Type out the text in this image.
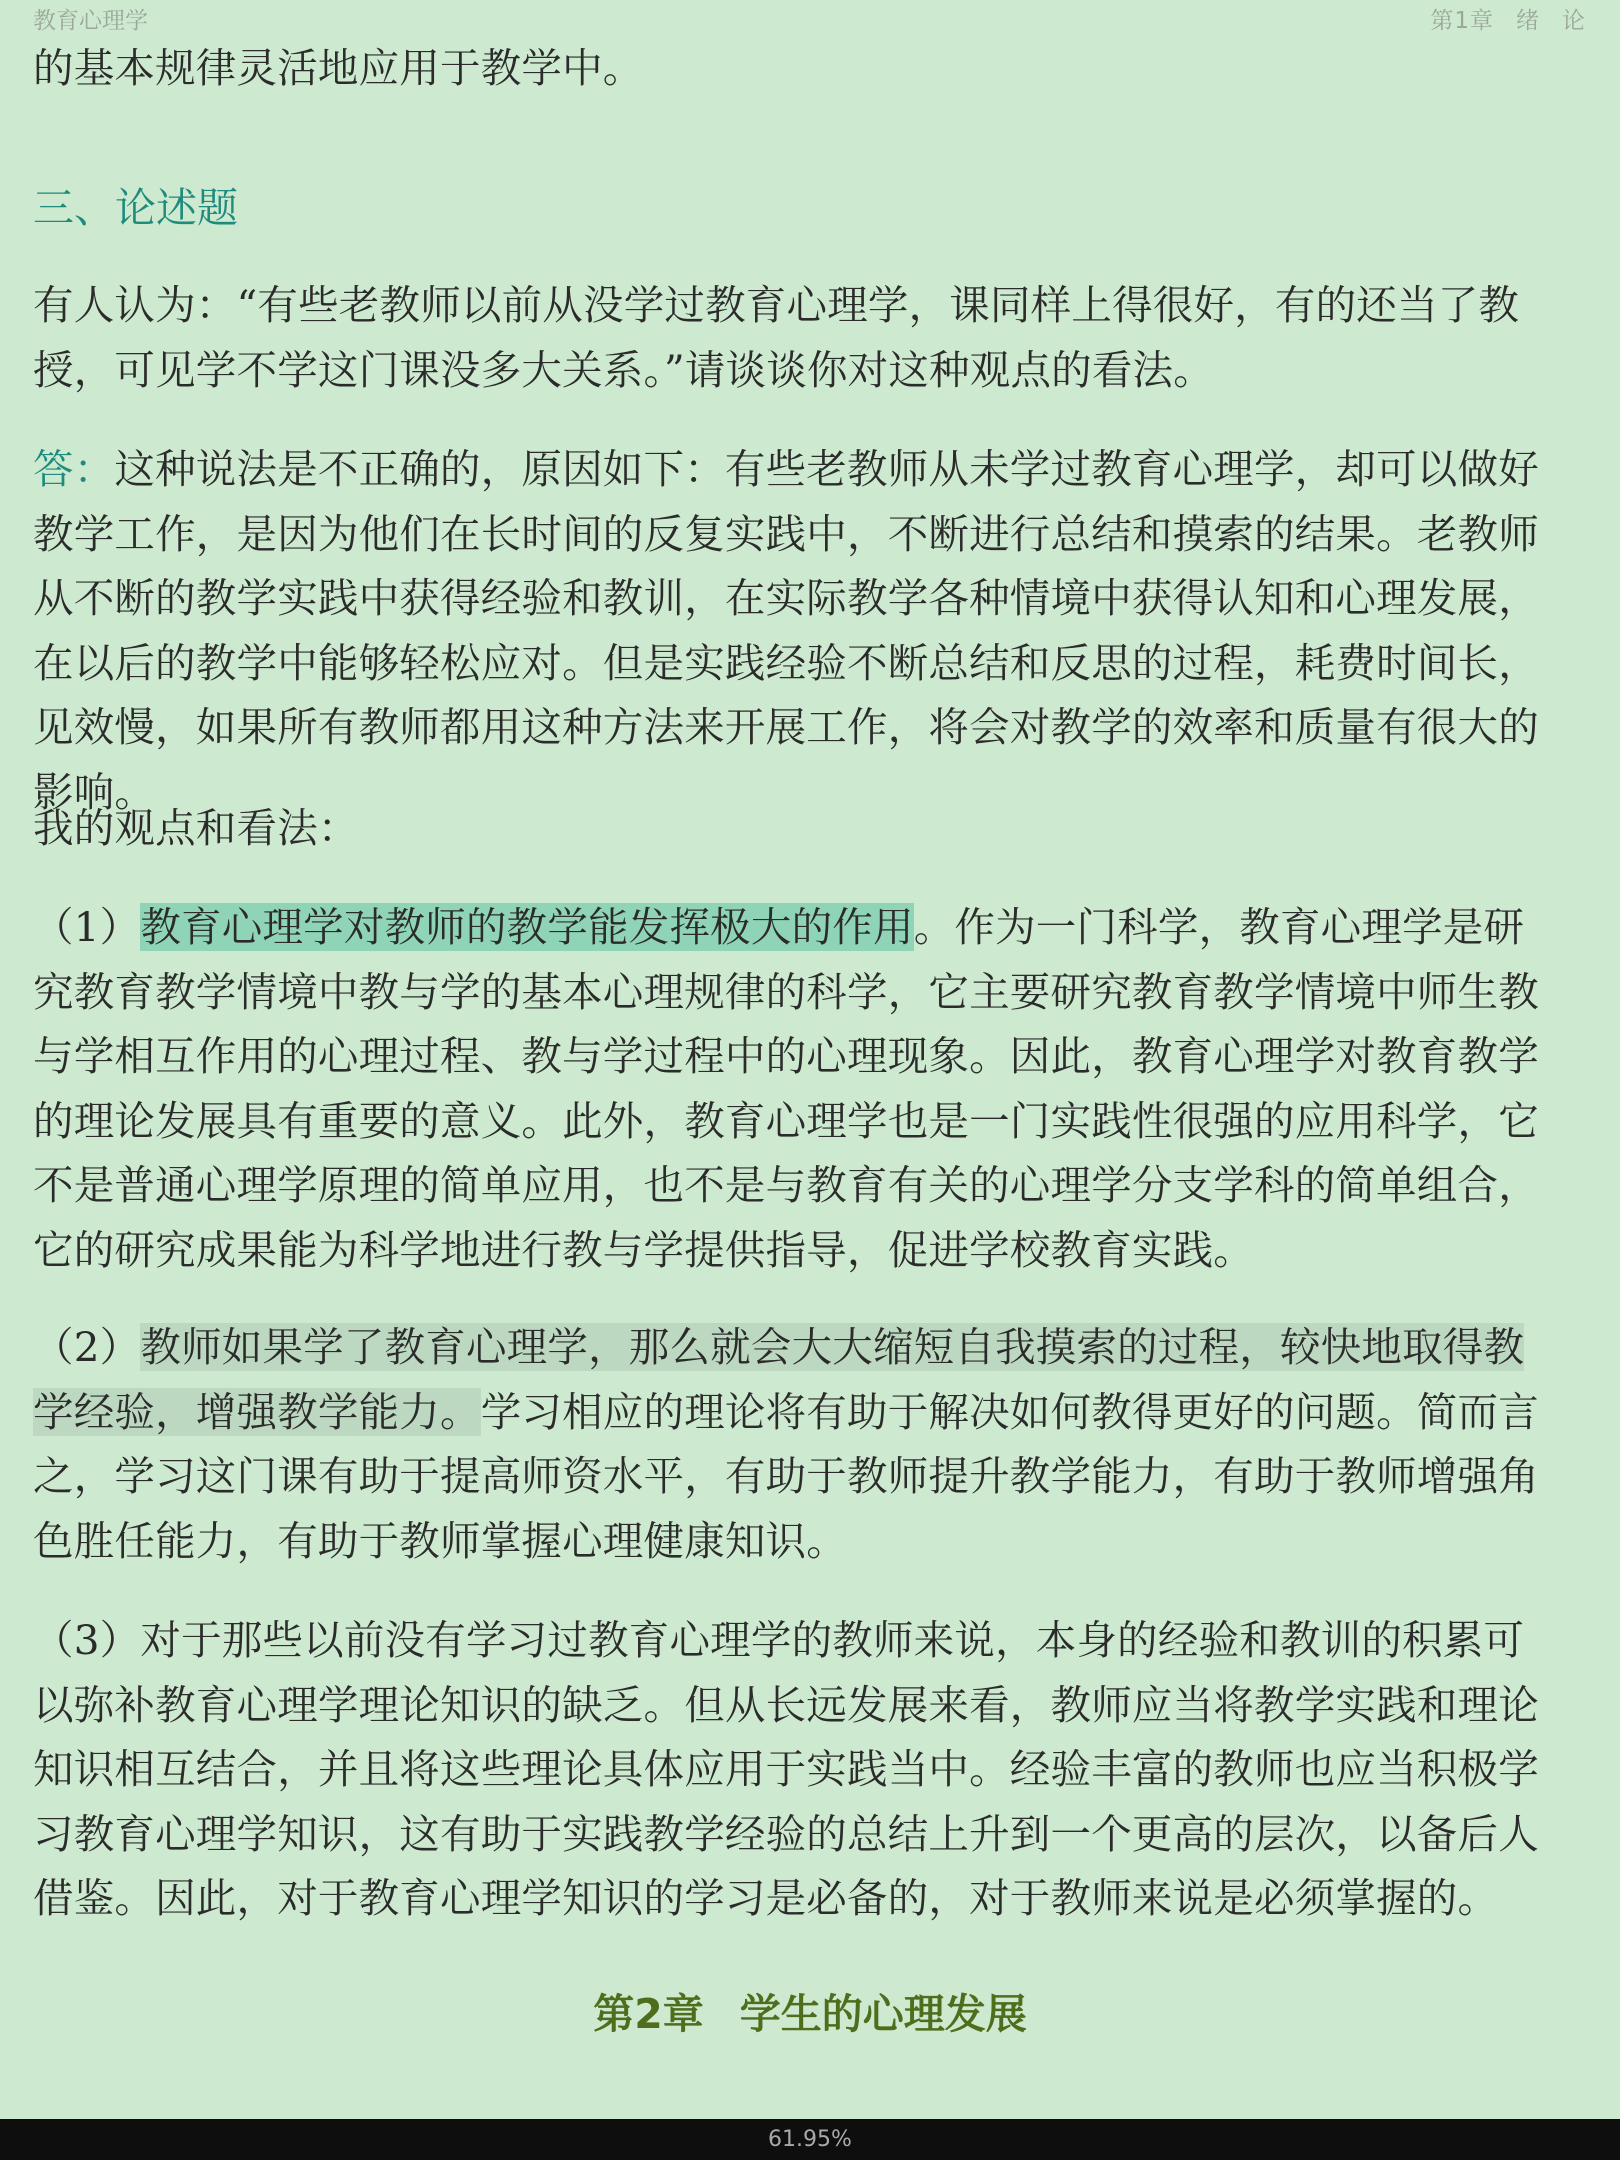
教育心理学	第1章 绪 论
的基本规律灵活地应用于教学中。
三、论述题
有人认为：“有些老教师以前从没学过教育心理学，课同样上得很好，有的还当了教授，可见学不学这门课没多大关系。”请谈谈你对这种观点的看法。
答：这种说法是不正确的，原因如下：有些老教师从未学过教育心理学，却可以做好教学工作，是因为他们在长时间的反复实践中，不断进行总结和摸索的结果。老教师从不断的教学实践中获得经验和教训，在实际教学各种情境中获得认知和心理发展，在以后的教学中能够轻松应对。但是实践经验不断总结和反思的过程，耗费时间长，见效慢，如果所有教师都用这种方法来开展工作，将会对教学的效率和质量有很大的影响。
我的观点和看法：
（1）教育心理学对教师的教学能发挥极大的作用。作为一门科学，教育心理学是研究教育教学情境中教与学的基本心理规律的科学，它主要研究教育教学情境中师生教与学相互作用的心理过程、教与学过程中的心理现象。因此，教育心理学对教育教学的理论发展具有重要的意义。此外，教育心理学也是一门实践性很强的应用科学，它不是普通心理学原理的简单应用，也不是与教育有关的心理学分支学科的简单组合，它的研究成果能为科学地进行教与学提供指导，促进学校教育实践。
（2）教师如果学了教育心理学，那么就会大大缩短自我摸索的过程，较快地取得教学经验，增强教学能力。学习相应的理论将有助于解决如何教得更好的问题。简而言之，学习这门课有助于提高师资水平，有助于教师提升教学能力，有助于教师增强角色胜任能力，有助于教师掌握心理健康知识。
（3）对于那些以前没有学习过教育心理学的教师来说，本身的经验和教训的积累可以弥补教育心理学理论知识的缺乏。但从长远发展来看，教师应当将教学实践和理论知识相互结合，并且将这些理论具体应用于实践当中。经验丰富的教师也应当积极学习教育心理学知识，这有助于实践教学经验的总结上升到一个更高的层次，以备后人借鉴。因此，对于教育心理学知识的学习是必备的，对于教师来说是必须掌握的。
第2章 学生的心理发展
61.95%
